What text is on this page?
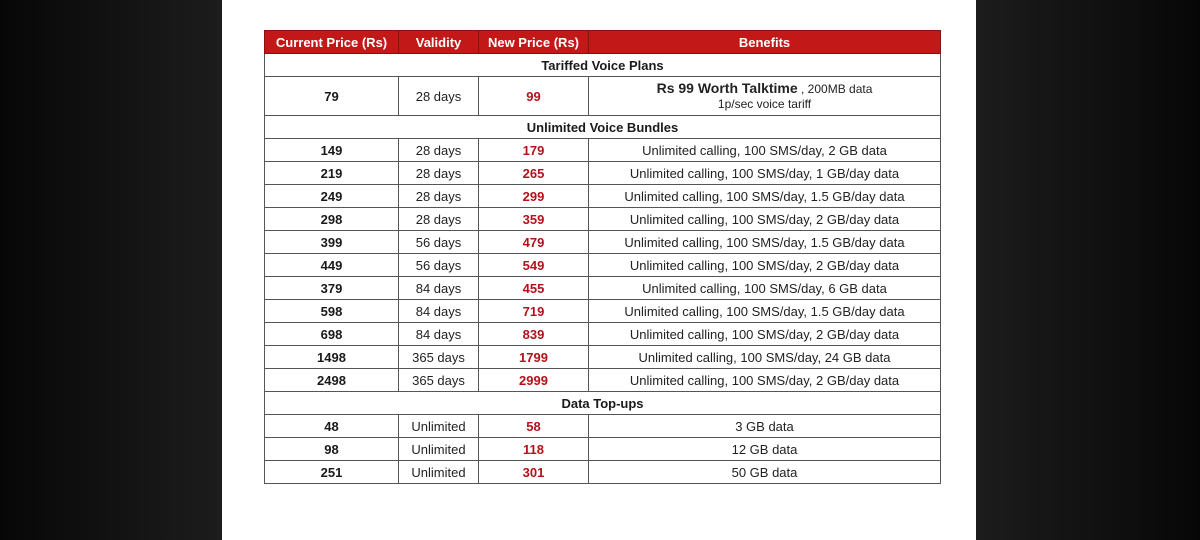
Current Price (Rs)	Validity	New Price (Rs)	Benefits
Tariffed Voice Plans			
79	28 days	99	Rs 99 Worth Talktime , 200MB data
1p/sec voice tariff

Unlimited Voice Bundles			
149	28 days	179	Unlimited calling, 100 SMS/day, 2 GB data
219	28 days	265	Unlimited calling, 100 SMS/day, 1 GB/day data
249	28 days	299	Unlimited calling, 100 SMS/day, 1.5 GB/day data
298	28 days	359	Unlimited calling, 100 SMS/day, 2 GB/day data
399	56 days	479	Unlimited calling, 100 SMS/day, 1.5 GB/day data
449	56 days	549	Unlimited calling, 100 SMS/day, 2 GB/day data
379	84 days	455	Unlimited calling, 100 SMS/day, 6 GB data
598	84 days	719	Unlimited calling, 100 SMS/day, 1.5 GB/day data
698	84 days	839	Unlimited calling, 100 SMS/day, 2 GB/day data
1498	365 days	1799	Unlimited calling, 100 SMS/day, 24 GB data
2498	365 days	2999	Unlimited calling, 100 SMS/day, 2 GB/day data
Data Top-ups			
48	Unlimited	58	3 GB data
98	Unlimited	118	12 GB data
251	Unlimited	301	50 GB data
